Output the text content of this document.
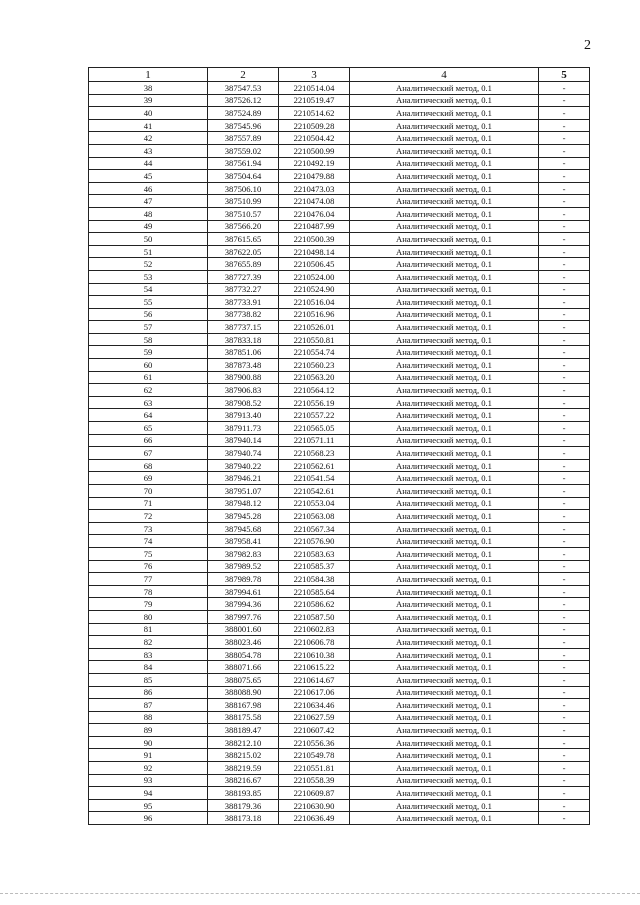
2
1	2	3	4	5
38	387547.53	2210514.04	Аналитический метод, 0.1	-
39	387526.12	2210519.47	Аналитический метод, 0.1	-
40	387524.89	2210514.62	Аналитический метод, 0.1	-
41	387545.96	2210509.28	Аналитический метод, 0.1	-
42	387557.89	2210504.42	Аналитический метод, 0.1	-
43	387559.02	2210500.99	Аналитический метод, 0.1	-
44	387561.94	2210492.19	Аналитический метод, 0.1	-
45	387504.64	2210479.88	Аналитический метод, 0.1	-
46	387506.10	2210473.03	Аналитический метод, 0.1	-
47	387510.99	2210474.08	Аналитический метод, 0.1	-
48	387510.57	2210476.04	Аналитический метод, 0.1	-
49	387566.20	2210487.99	Аналитический метод, 0.1	-
50	387615.65	2210500.39	Аналитический метод, 0.1	-
51	387622.05	2210498.14	Аналитический метод, 0.1	-
52	387655.89	2210506.45	Аналитический метод, 0.1	-
53	387727.39	2210524.00	Аналитический метод, 0.1	-
54	387732.27	2210524.90	Аналитический метод, 0.1	-
55	387733.91	2210516.04	Аналитический метод, 0.1	-
56	387738.82	2210516.96	Аналитический метод, 0.1	-
57	387737.15	2210526.01	Аналитический метод, 0.1	-
58	387833.18	2210550.81	Аналитический метод, 0.1	-
59	387851.06	2210554.74	Аналитический метод, 0.1	-
60	387873.48	2210560.23	Аналитический метод, 0.1	-
61	387900.88	2210563.20	Аналитический метод, 0.1	-
62	387906.83	2210564.12	Аналитический метод, 0.1	-
63	387908.52	2210556.19	Аналитический метод, 0.1	-
64	387913.40	2210557.22	Аналитический метод, 0.1	-
65	387911.73	2210565.05	Аналитический метод, 0.1	-
66	387940.14	2210571.11	Аналитический метод, 0.1	-
67	387940.74	2210568.23	Аналитический метод, 0.1	-
68	387940.22	2210562.61	Аналитический метод, 0.1	-
69	387946.21	2210541.54	Аналитический метод, 0.1	-
70	387951.07	2210542.61	Аналитический метод, 0.1	-
71	387948.12	2210553.04	Аналитический метод, 0.1	-
72	387945.28	2210563.08	Аналитический метод, 0.1	-
73	387945.68	2210567.34	Аналитический метод, 0.1	-
74	387958.41	2210576.90	Аналитический метод, 0.1	-
75	387982.83	2210583.63	Аналитический метод, 0.1	-
76	387989.52	2210585.37	Аналитический метод, 0.1	-
77	387989.78	2210584.38	Аналитический метод, 0.1	-
78	387994.61	2210585.64	Аналитический метод, 0.1	-
79	387994.36	2210586.62	Аналитический метод, 0.1	-
80	387997.76	2210587.50	Аналитический метод, 0.1	-
81	388001.60	2210602.83	Аналитический метод, 0.1	-
82	388023.46	2210606.78	Аналитический метод, 0.1	-
83	388054.78	2210610.38	Аналитический метод, 0.1	-
84	388071.66	2210615.22	Аналитический метод, 0.1	-
85	388075.65	2210614.67	Аналитический метод, 0.1	-
86	388088.90	2210617.06	Аналитический метод, 0.1	-
87	388167.98	2210634.46	Аналитический метод, 0.1	-
88	388175.58	2210627.59	Аналитический метод, 0.1	-
89	388189.47	2210607.42	Аналитический метод, 0.1	-
90	388212.10	2210556.36	Аналитический метод, 0.1	-
91	388215.02	2210549.78	Аналитический метод, 0.1	-
92	388219.59	2210551.81	Аналитический метод, 0.1	-
93	388216.67	2210558.39	Аналитический метод, 0.1	-
94	388193.85	2210609.87	Аналитический метод, 0.1	-
95	388179.36	2210630.90	Аналитический метод, 0.1	-
96	388173.18	2210636.49	Аналитический метод, 0.1	-
